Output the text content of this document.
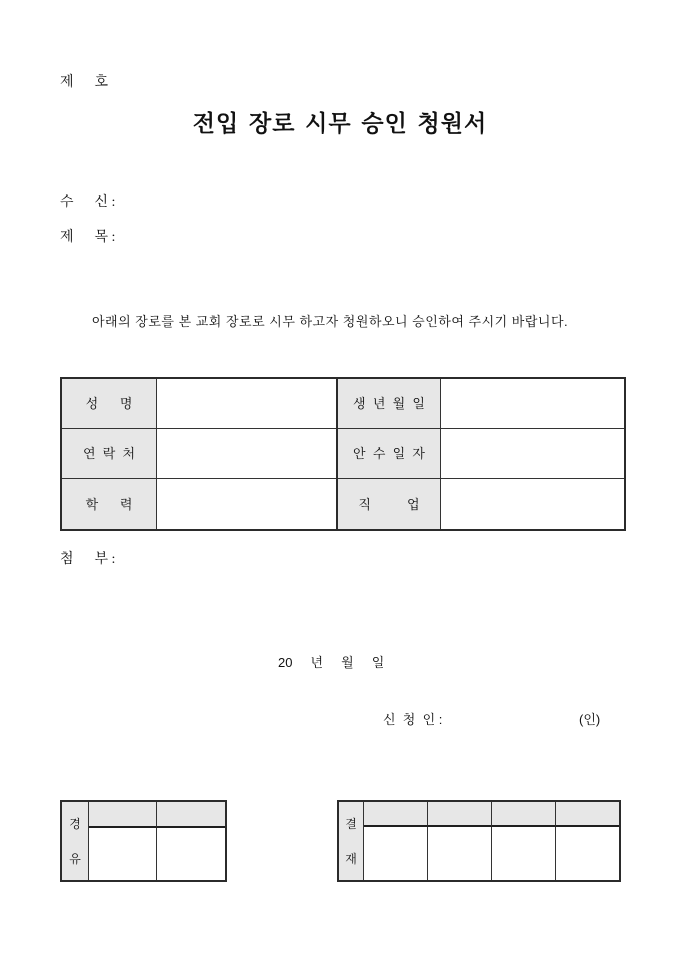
제      호
전입 장로 시무 승인 청원서
수      신 :
제      목 :
아래의 장로를 본 교회 장로로 시무 하고자 청원하오니 승인하여 주시기 바랍니다.
성      명	생  년  월  일
연  락  처	안  수  일  자
학      력	직          업
첨      부 :
20     년     월     일
신  청  인 :	(인)
경
유
결
재
